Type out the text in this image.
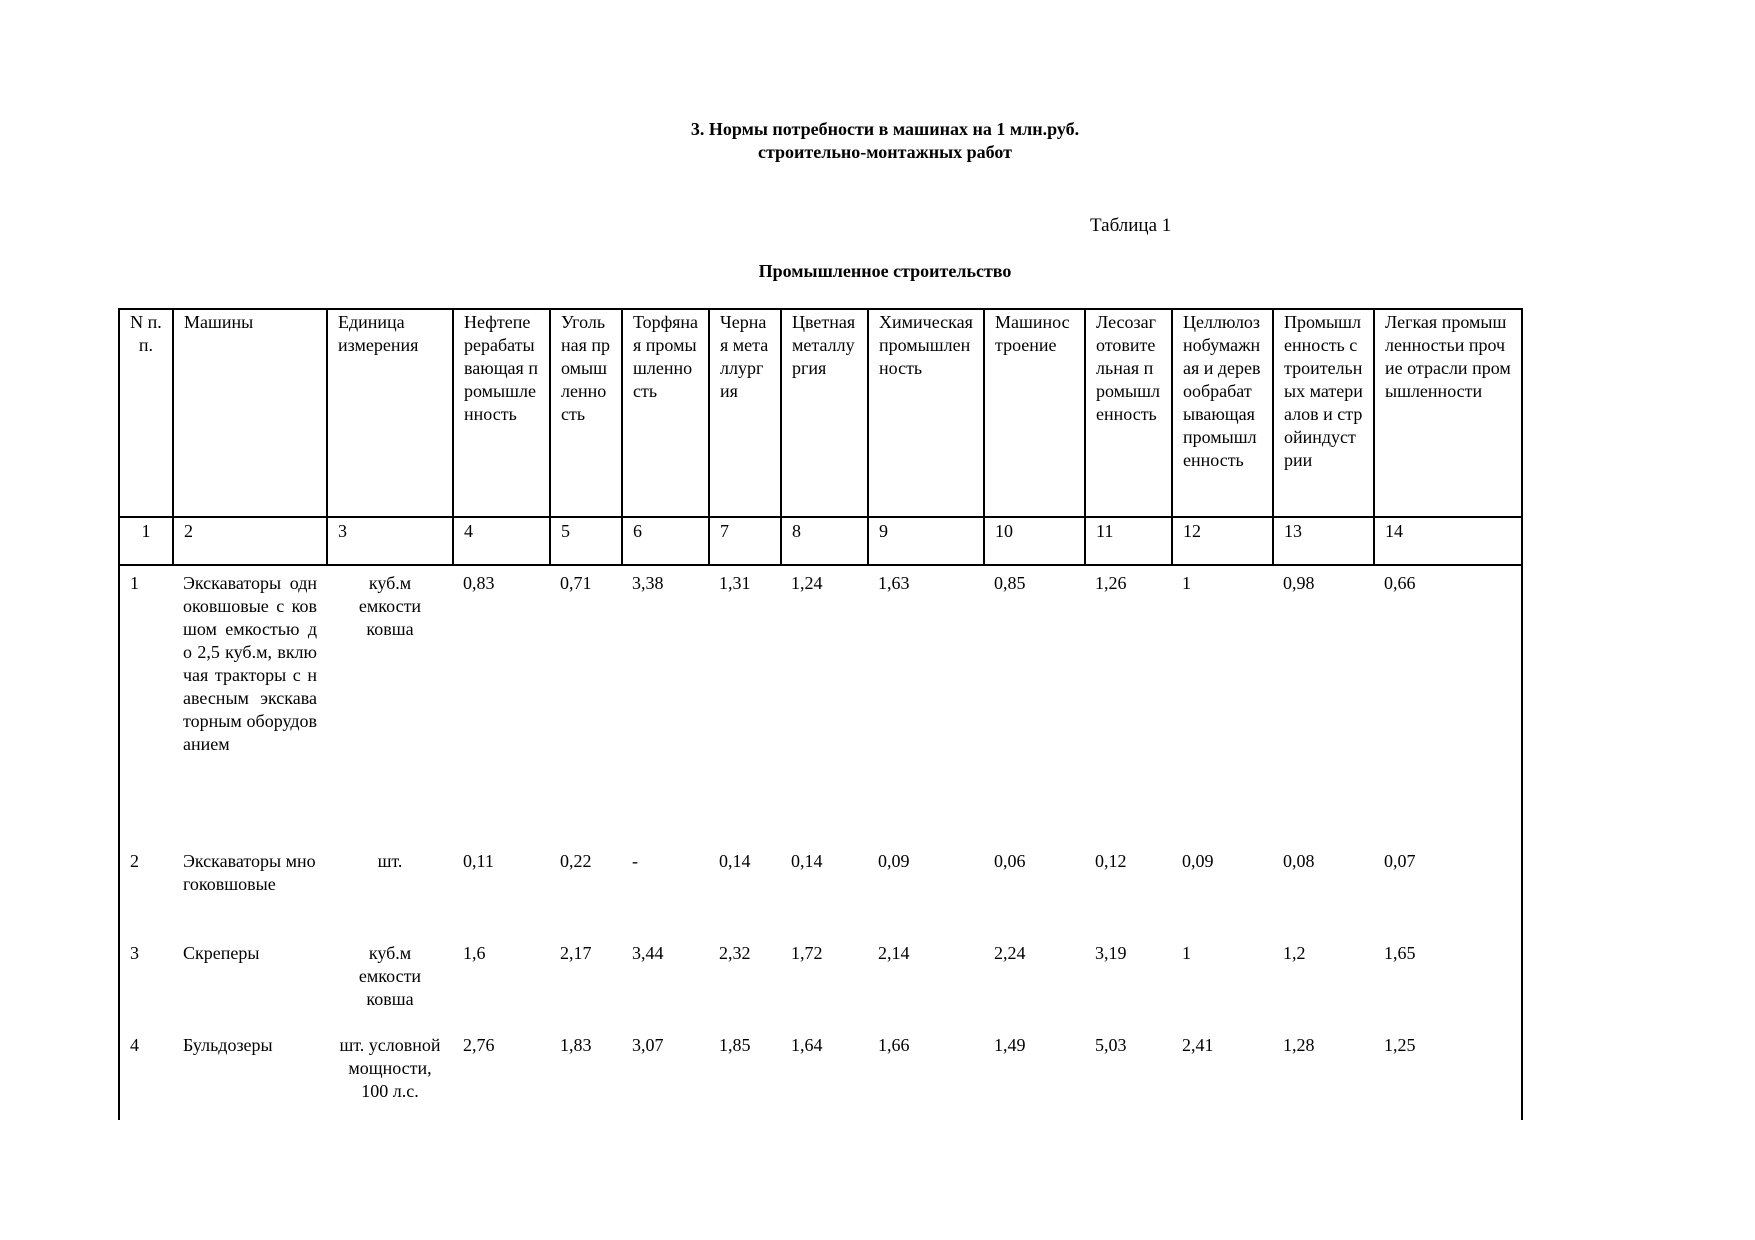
3. Нормы потребности в машинах на 1 млн.руб.
строительно-монтажных работ
Таблица 1
Промышленное строительство
N п.п.	Машины	Единица измерения	Нефтеперерабатывающая промышленность	Угольная промышленность	Торфяная промышленность	Черная металлургия	Цветная металлургия	Химическая промышленность	Машиностроение	Лесозаготовительная промышленность	Целлюлознобумажная и деревообрабатывающая промышленность	Промышленность строительных материалов и стройиндустрии	Легкая промышленностьи прочие отрасли промышленности
1	2	3	4	5	6	7	8	9	10	11	12	13	14
1	Экскаваторы одноковшовые с ковшом емкостью до 2,5 куб.м, включая тракторы с навесным экскаваторным оборудованием	куб.м емкости ковша	0,83	0,71	3,38	1,31	1,24	1,63	0,85	1,26	1	0,98	0,66
2	Экскаваторы многоковшовые	шт.	0,11	0,22	-	0,14	0,14	0,09	0,06	0,12	0,09	0,08	0,07
3	Скреперы	куб.м емкости ковша	1,6	2,17	3,44	2,32	1,72	2,14	2,24	3,19	1	1,2	1,65
4	Бульдозеры	шт. условной мощности, 100 л.с.	2,76	1,83	3,07	1,85	1,64	1,66	1,49	5,03	2,41	1,28	1,25
